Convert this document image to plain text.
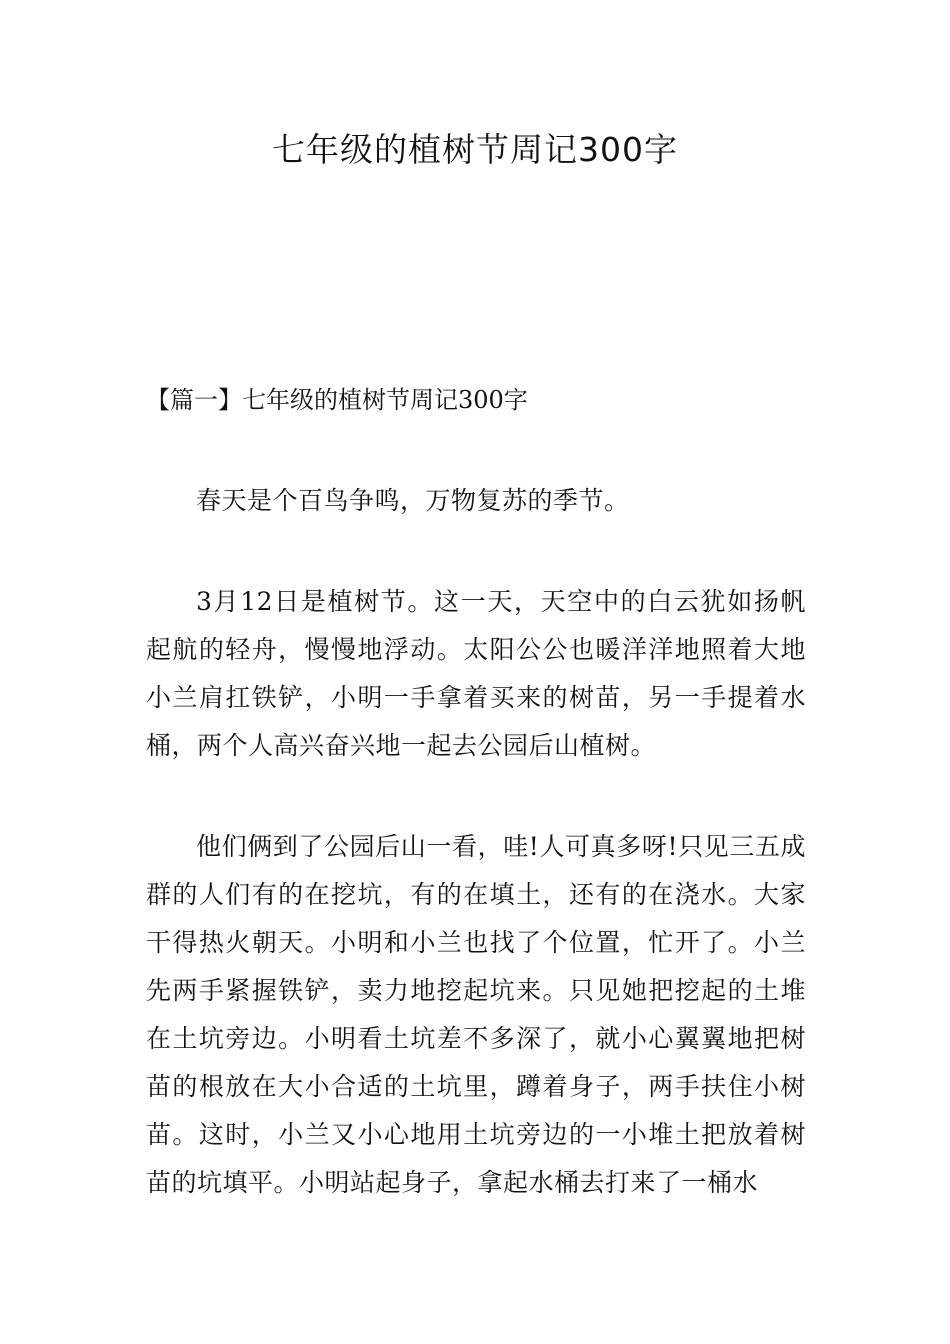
七年级的植树节周记300字

【篇一】七年级的植树节周记300字

春天是个百鸟争鸣，万物复苏的季节。

3月12日是植树节。这一天，天空中的白云犹如扬帆起航的轻舟，慢慢地浮动。太阳公公也暖洋洋地照着大地小兰肩扛铁铲，小明一手拿着买来的树苗，另一手提着水桶，两个人高兴奋兴地一起去公园后山植树。

他们俩到了公园后山一看，哇!人可真多呀!只见三五成群的人们有的在挖坑，有的在填土，还有的在浇水。大家干得热火朝天。小明和小兰也找了个位置，忙开了。小兰先两手紧握铁铲，卖力地挖起坑来。只见她把挖起的土堆在土坑旁边。小明看土坑差不多深了，就小心翼翼地把树苗的根放在大小合适的土坑里，蹲着身子，两手扶住小树苗。这时，小兰又小心地用土坑旁边的一小堆土把放着树苗的坑填平。小明站起身子，拿起水桶去打来了一桶水
